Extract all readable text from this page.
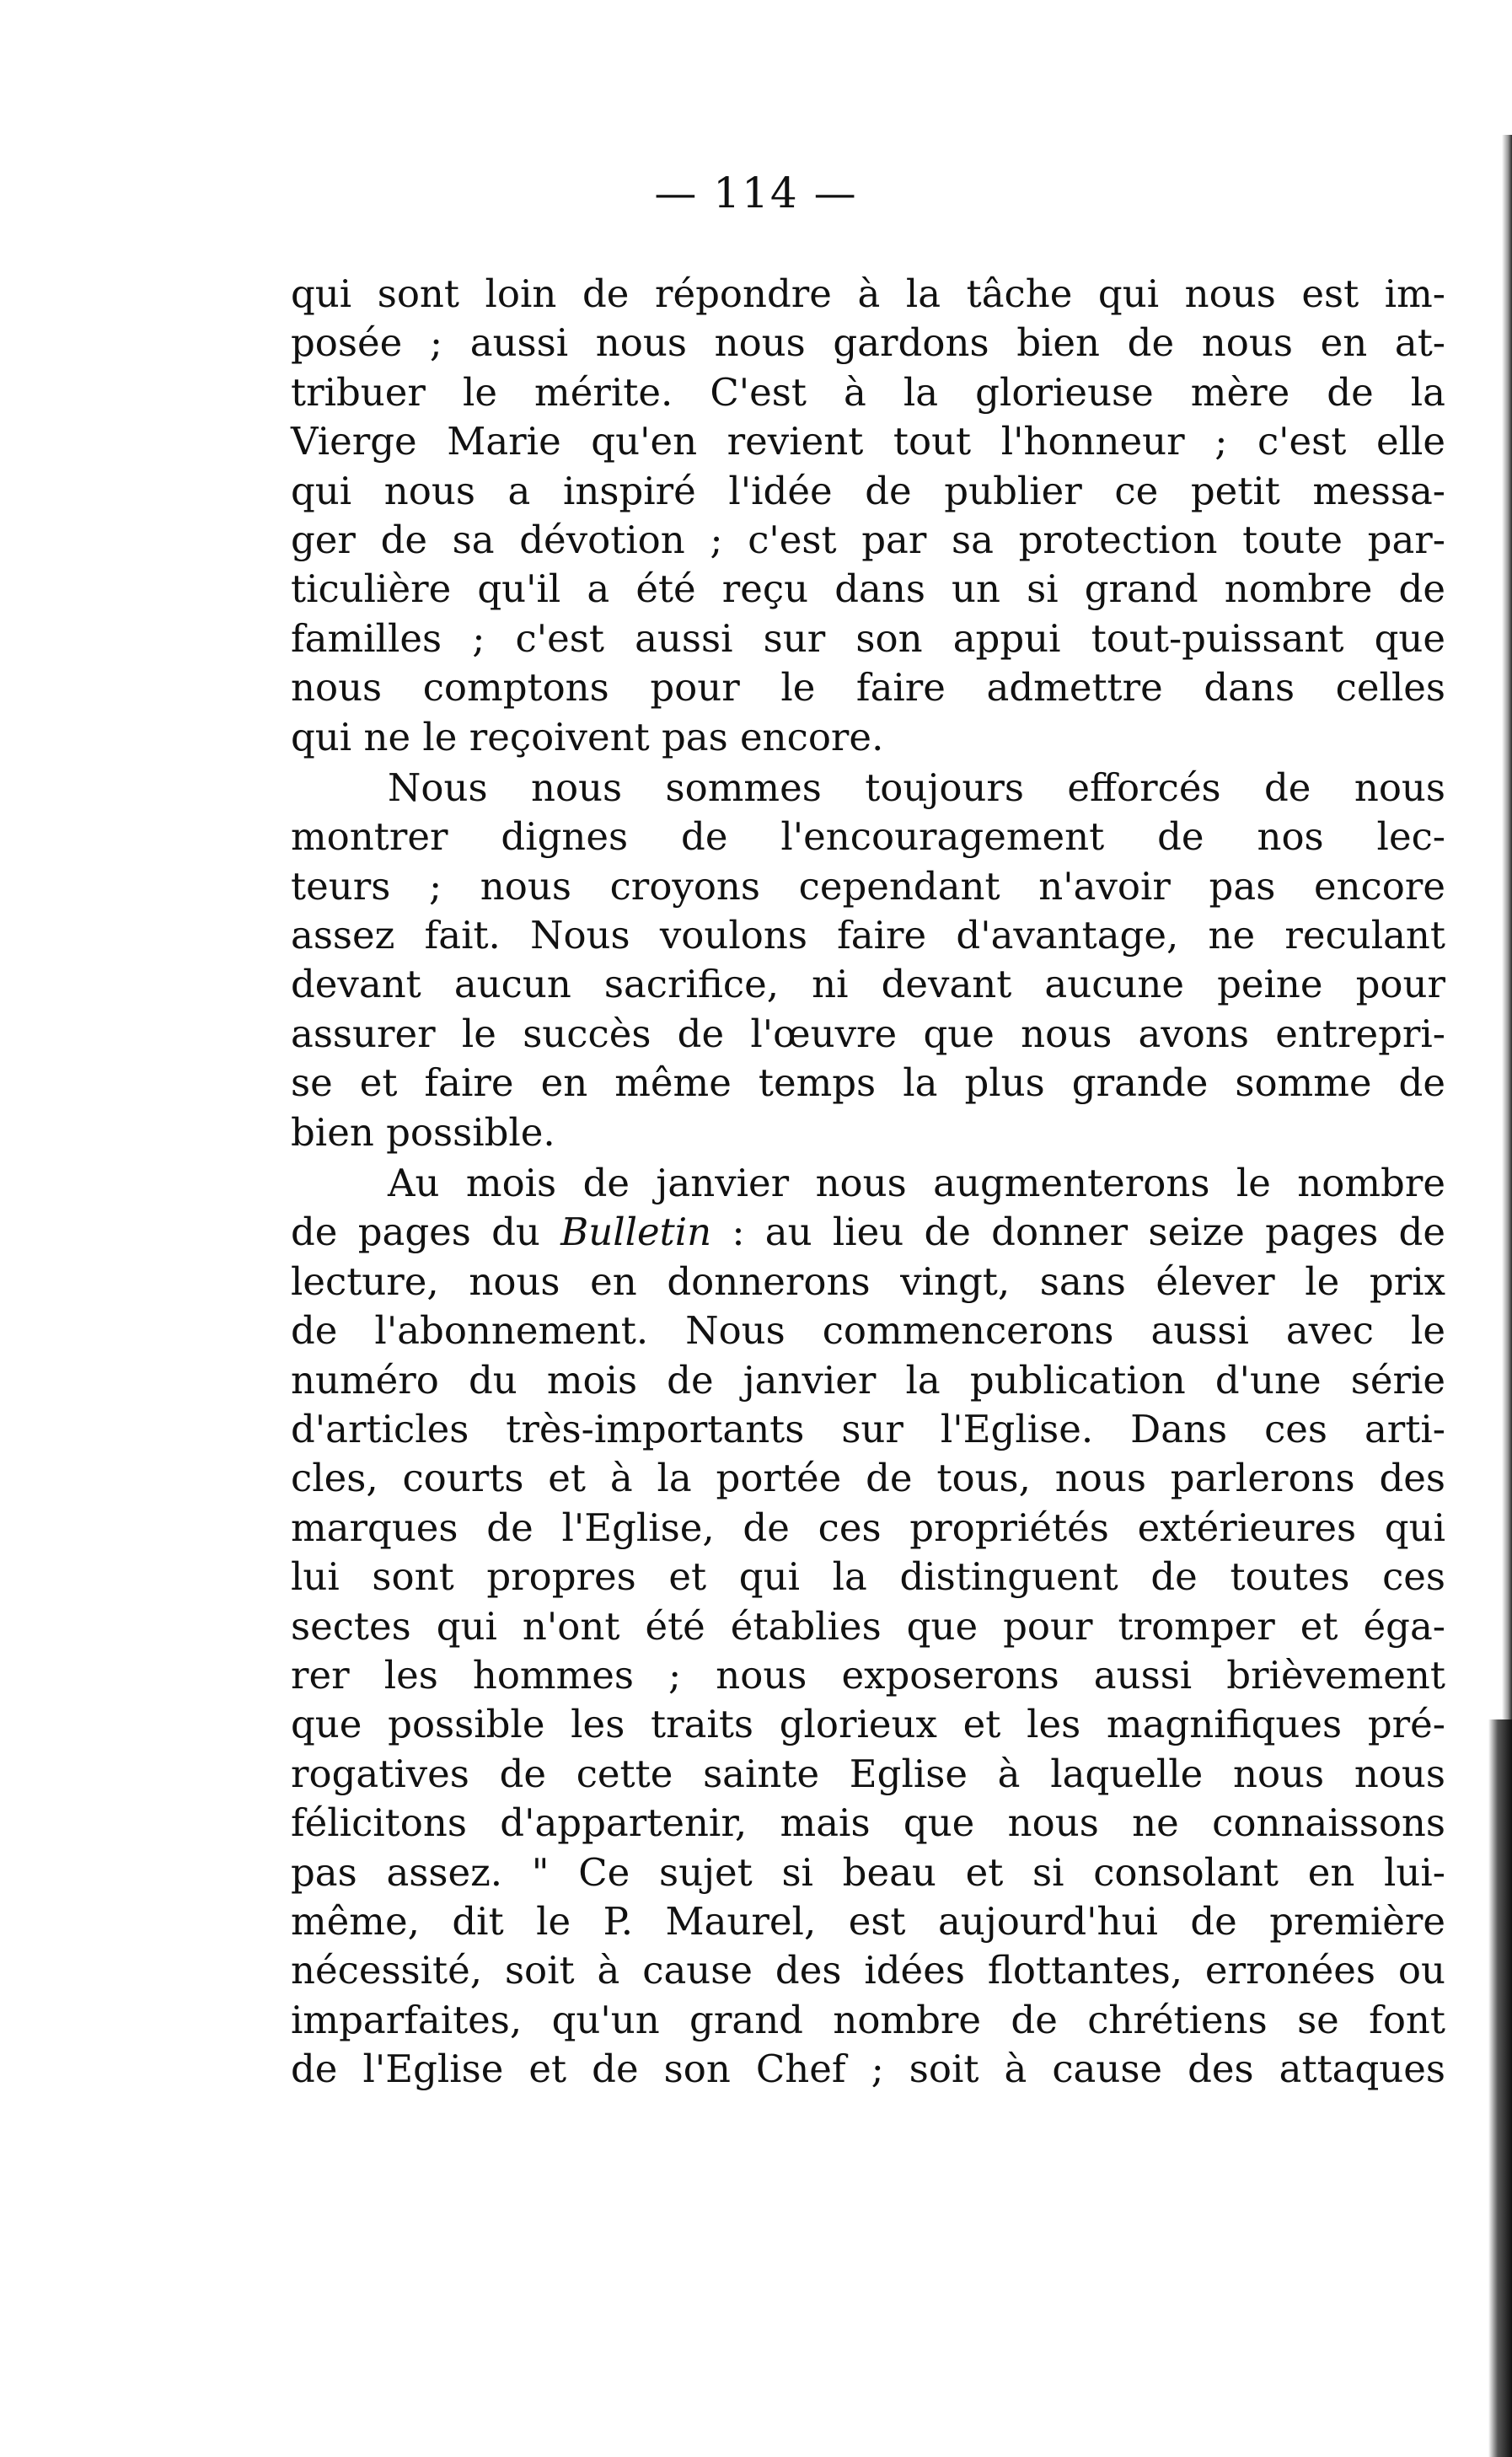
— 114 —
qui sont loin de répondre à la tâche qui nous est im-
posée ; aussi nous nous gardons bien de nous en at-
tribuer le mérite. C'est à la glorieuse mère de la
Vierge Marie qu'en revient tout l'honneur ; c'est elle
qui nous a inspiré l'idée de publier ce petit messa-
ger de sa dévotion ; c'est par sa protection toute par-
ticulière qu'il a été reçu dans un si grand nombre de
familles ; c'est aussi sur son appui tout-puissant que
nous comptons pour le faire admettre dans celles
qui ne le reçoivent pas encore.
Nous nous sommes toujours efforcés de nous
montrer dignes de l'encouragement de nos lec-
teurs ; nous croyons cependant n'avoir pas encore
assez fait. Nous voulons faire d'avantage, ne reculant
devant aucun sacrifice, ni devant aucune peine pour
assurer le succès de l'œuvre que nous avons entrepri-
se et faire en même temps la plus grande somme de
bien possible.
Au mois de janvier nous augmenterons le nombre
de pages du Bulletin : au lieu de donner seize pages de
lecture, nous en donnerons vingt, sans élever le prix
de l'abonnement. Nous commencerons aussi avec le
numéro du mois de janvier la publication d'une série
d'articles très-importants sur l'Eglise. Dans ces arti-
cles, courts et à la portée de tous, nous parlerons des
marques de l'Eglise, de ces propriétés extérieures qui
lui sont propres et qui la distinguent de toutes ces
sectes qui n'ont été établies que pour tromper et éga-
rer les hommes ; nous exposerons aussi brièvement
que possible les traits glorieux et les magnifiques pré-
rogatives de cette sainte Eglise à laquelle nous nous
félicitons d'appartenir, mais que nous ne connaissons
pas assez. " Ce sujet si beau et si consolant en lui-
même, dit le P. Maurel, est aujourd'hui de première
nécessité, soit à cause des idées flottantes, erronées ou
imparfaites, qu'un grand nombre de chrétiens se font
de l'Eglise et de son Chef ; soit à cause des attaques
